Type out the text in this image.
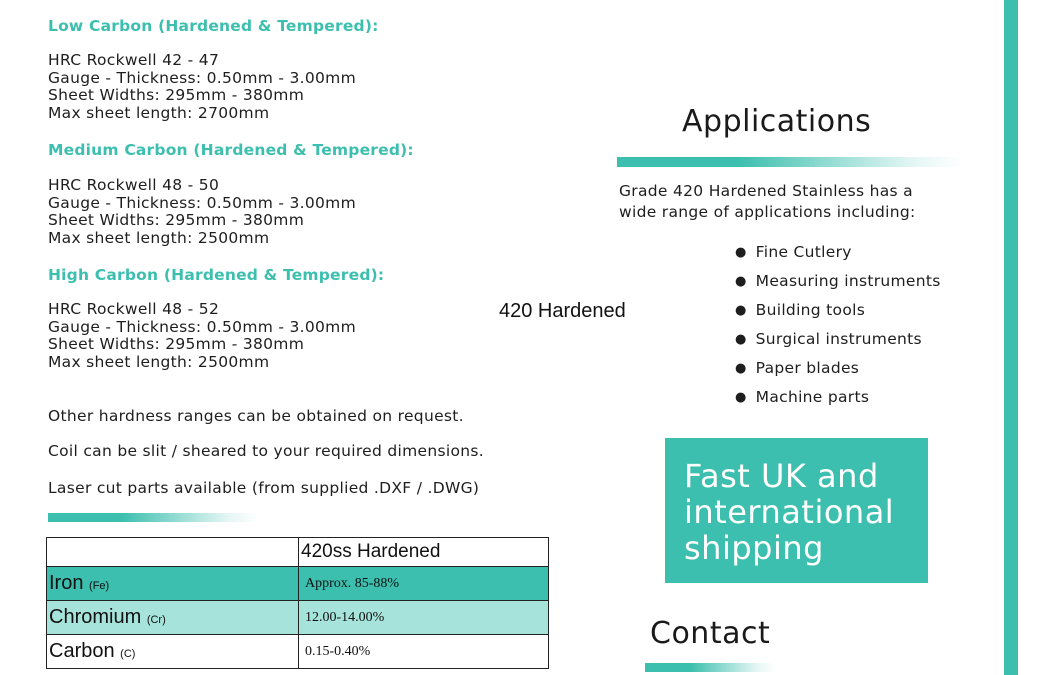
Low Carbon (Hardened & Tempered):
HRC Rockwell 42 - 47
Gauge - Thickness: 0.50mm - 3.00mm
Sheet Widths: 295mm - 380mm
Max sheet length: 2700mm
Medium Carbon (Hardened & Tempered):
HRC Rockwell 48 - 50
Gauge - Thickness: 0.50mm - 3.00mm
Sheet Widths: 295mm - 380mm
Max sheet length: 2500mm
High Carbon (Hardened & Tempered):
HRC Rockwell 48 - 52
Gauge - Thickness: 0.50mm - 3.00mm
Sheet Widths: 295mm - 380mm
Max sheet length: 2500mm
Other hardness ranges can be obtained on request.
Coil can be slit / sheared to your required dimensions.
Laser cut parts available (from supplied .DXF / .DWG)
420 Hardened
	420ss Hardened
Iron (Fe)	Approx. 85-88%
Chromium (Cr)	12.00-14.00%
Carbon (C)	0.15-0.40%
Applications
Grade 420 Hardened Stainless has a
wide range of applications including:
● Fine Cutlery
● Measuring instruments
● Building tools
● Surgical instruments
● Paper blades
● Machine parts
Fast UK and
international
shipping
Contact
